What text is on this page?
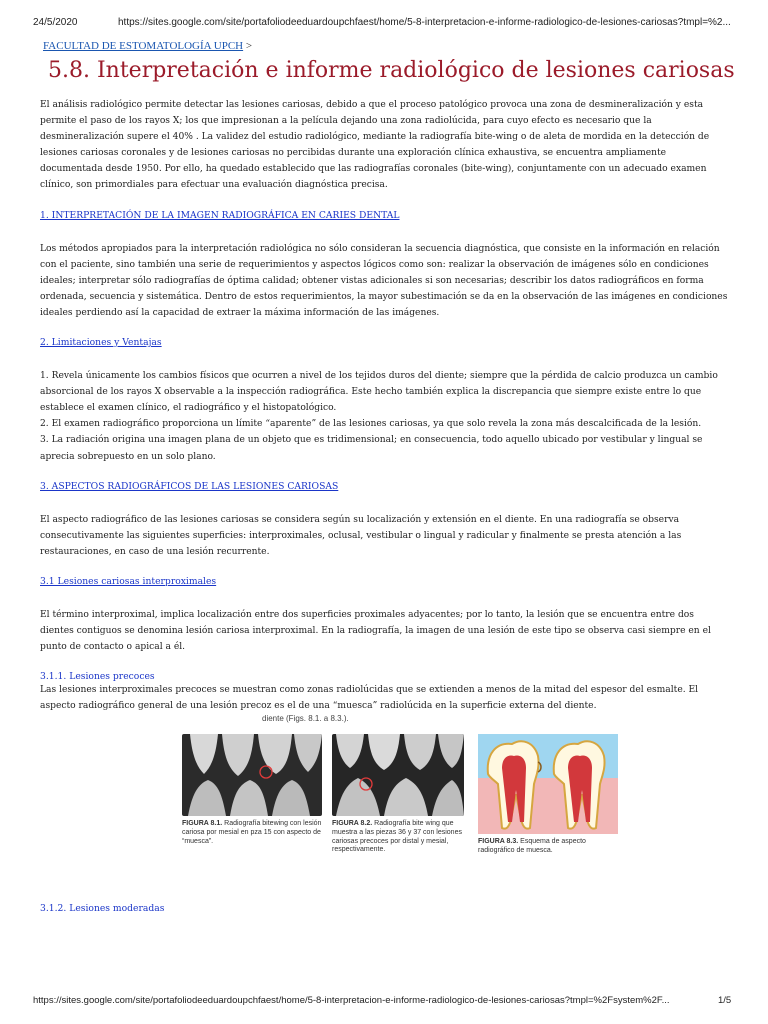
24/5/2020	https://sites.google.com/site/portafoliodeeduardoupchfaest/home/5-8-interpretacion-e-informe-radiologico-de-lesiones-cariosas?tmpl=%2...
FACULTAD DE ESTOMATOLOGÍA UPCH >
5.8. Interpretación e informe radiológico de lesiones cariosas

El análisis radiológico permite detectar las lesiones cariosas, debido a que el proceso patológico provoca una zona de desmineralización y esta permite el paso de los rayos X; los que impresionan a la película dejando una zona radiolúcida, para cuyo efecto es necesario que la desmineralización supere el 40% . La validez del estudio radiológico, mediante la radiografía bite-wing o de aleta de mordida en la detección de lesiones cariosas coronales y de lesiones cariosas no percibidas durante una exploración clínica exhaustiva, se encuentra ampliamente documentada desde 1950. Por ello, ha quedado establecido que las radiografías coronales (bite-wing), conjuntamente con un adecuado examen clínico, son primordiales para efectuar una evaluación diagnóstica precisa.

1. INTERPRETACIÓN DE LA IMAGEN RADIOGRÁFICA EN CARIES DENTAL

Los métodos apropiados para la interpretación radiológica no sólo consideran la secuencia diagnóstica, que consiste en la información en relación con el paciente, sino también una serie de requerimientos y aspectos lógicos como son: realizar la observación de imágenes sólo en condiciones ideales; interpretar sólo radiografías de óptima calidad; obtener vistas adicionales si son necesarias; describir los datos radiográficos en forma ordenada, secuencia y sistemática. Dentro de estos requerimientos, la mayor subestimación se da en la observación de las imágenes en condiciones ideales perdiendo así la capacidad de extraer la máxima información de las imágenes.

2. Limitaciones y Ventajas

1. Revela únicamente los cambios físicos que ocurren a nivel de los tejidos duros del diente; siempre que la pérdida de calcio produzca un cambio absorcional de los rayos X observable a la inspección radiográfica. Este hecho también explica la discrepancia que siempre existe entre lo que establece el examen clínico, el radiográfico y el histopatológico.

2. El examen radiográfico proporciona un límite “aparente” de las lesiones cariosas, ya que solo revela la zona más descalcificada de la lesión.

3. La radiación origina una imagen plana de un objeto que es tridimensional; en consecuencia, todo aquello ubicado por vestibular y lingual se aprecia sobrepuesto en un solo plano.

3. ASPECTOS RADIOGRÁFICOS DE LAS LESIONES CARIOSAS

El aspecto radiográfico de las lesiones cariosas se considera según su localización y extensión en el diente. En una radiografía se observa consecutivamente las siguientes superficies: interproximales, oclusal, vestibular o lingual y radicular y finalmente se presta atención a las restauraciones, en caso de una lesión recurrente.

3.1 Lesiones cariosas interproximales

El término interproximal, implica localización entre dos superficies proximales adyacentes; por lo tanto, la lesión que se encuentra entre dos dientes contiguos se denomina lesión cariosa interproximal. En la radiografía, la imagen de una lesión de este tipo se observa casi siempre en el punto de contacto o apical a él.

3.1.1. Lesiones precoces

Las lesiones interproximales precoces se muestran como zonas radiolúcidas que se extienden a menos de la mitad del espesor del esmalte. El aspecto radiográfico general de una lesión precoz es el de una “muesca” radiolúcida en la superficie externa del diente.

diente (Figs. 8.1. a 8.3.).
FIGURA 8.1. Radiografía bitewing con lesión cariosa por mesial en pza 15 con aspecto de “muesca”.
FIGURA 8.2. Radiografía bite wing que muestra a las piezas 36 y 37 con lesiones cariosas precoces por distal y mesial, respectivamente.
FIGURA 8.3. Esquema de aspecto radiográfico de muesca.
3.1.2. Lesiones moderadas
https://sites.google.com/site/portafoliodeeduardoupchfaest/home/5-8-interpretacion-e-informe-radiologico-de-lesiones-cariosas?tmpl=%2Fsystem%2F...	1/5
